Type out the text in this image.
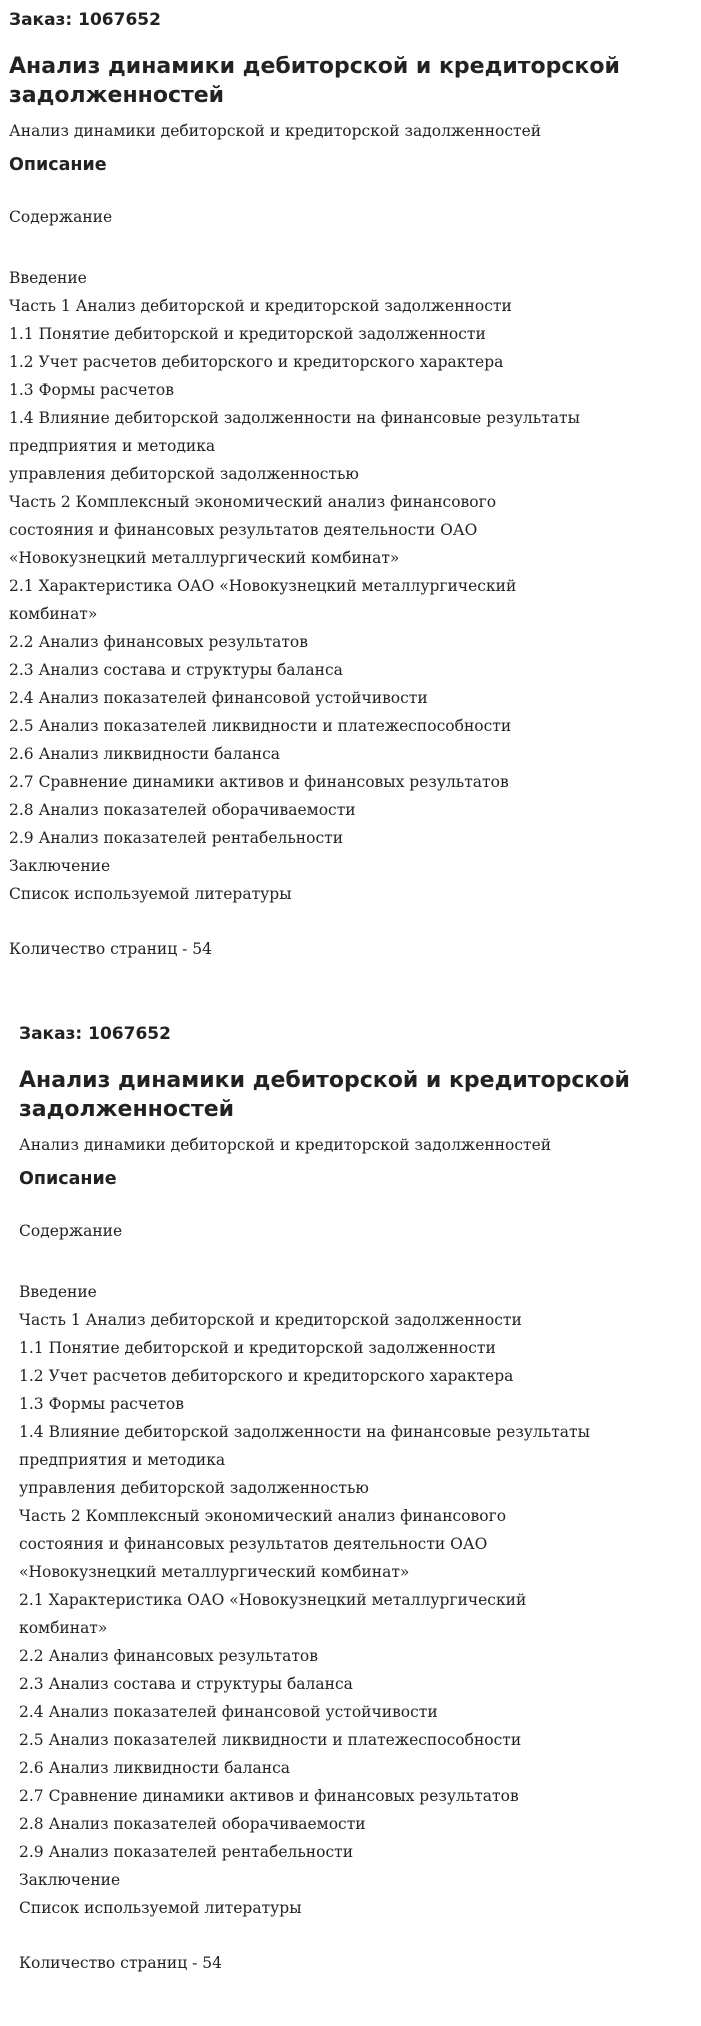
Заказ: 1067652
Анализ динамики дебиторской и кредиторской
задолженностей
Анализ динамики дебиторской и кредиторской задолженностей
Описание
Содержание
Введение
Часть 1 Анализ дебиторской и кредиторской задолженности
1.1 Понятие дебиторской и кредиторской задолженности
1.2 Учет расчетов дебиторского и кредиторского характера
1.3 Формы расчетов
1.4 Влияние дебиторской задолженности на финансовые результаты
предприятия и методика
управления дебиторской задолженностью
Часть 2 Комплексный экономический анализ финансового
состояния и финансовых результатов деятельности ОАО
«Новокузнецкий металлургический комбинат»
2.1 Характеристика ОАО «Новокузнецкий металлургический
комбинат»
2.2 Анализ финансовых результатов
2.3 Анализ состава и структуры баланса
2.4 Анализ показателей финансовой устойчивости
2.5 Анализ показателей ликвидности и платежеспособности
2.6 Анализ ликвидности баланса
2.7 Сравнение динамики активов и финансовых результатов
2.8 Анализ показателей оборачиваемости
2.9 Анализ показателей рентабельности
Заключение
Список используемой литературы
Количество страниц - 54
Заказ: 1067652
Анализ динамики дебиторской и кредиторской
задолженностей
Анализ динамики дебиторской и кредиторской задолженностей
Описание
Содержание
Введение
Часть 1 Анализ дебиторской и кредиторской задолженности
1.1 Понятие дебиторской и кредиторской задолженности
1.2 Учет расчетов дебиторского и кредиторского характера
1.3 Формы расчетов
1.4 Влияние дебиторской задолженности на финансовые результаты
предприятия и методика
управления дебиторской задолженностью
Часть 2 Комплексный экономический анализ финансового
состояния и финансовых результатов деятельности ОАО
«Новокузнецкий металлургический комбинат»
2.1 Характеристика ОАО «Новокузнецкий металлургический
комбинат»
2.2 Анализ финансовых результатов
2.3 Анализ состава и структуры баланса
2.4 Анализ показателей финансовой устойчивости
2.5 Анализ показателей ликвидности и платежеспособности
2.6 Анализ ликвидности баланса
2.7 Сравнение динамики активов и финансовых результатов
2.8 Анализ показателей оборачиваемости
2.9 Анализ показателей рентабельности
Заключение
Список используемой литературы
Количество страниц - 54
